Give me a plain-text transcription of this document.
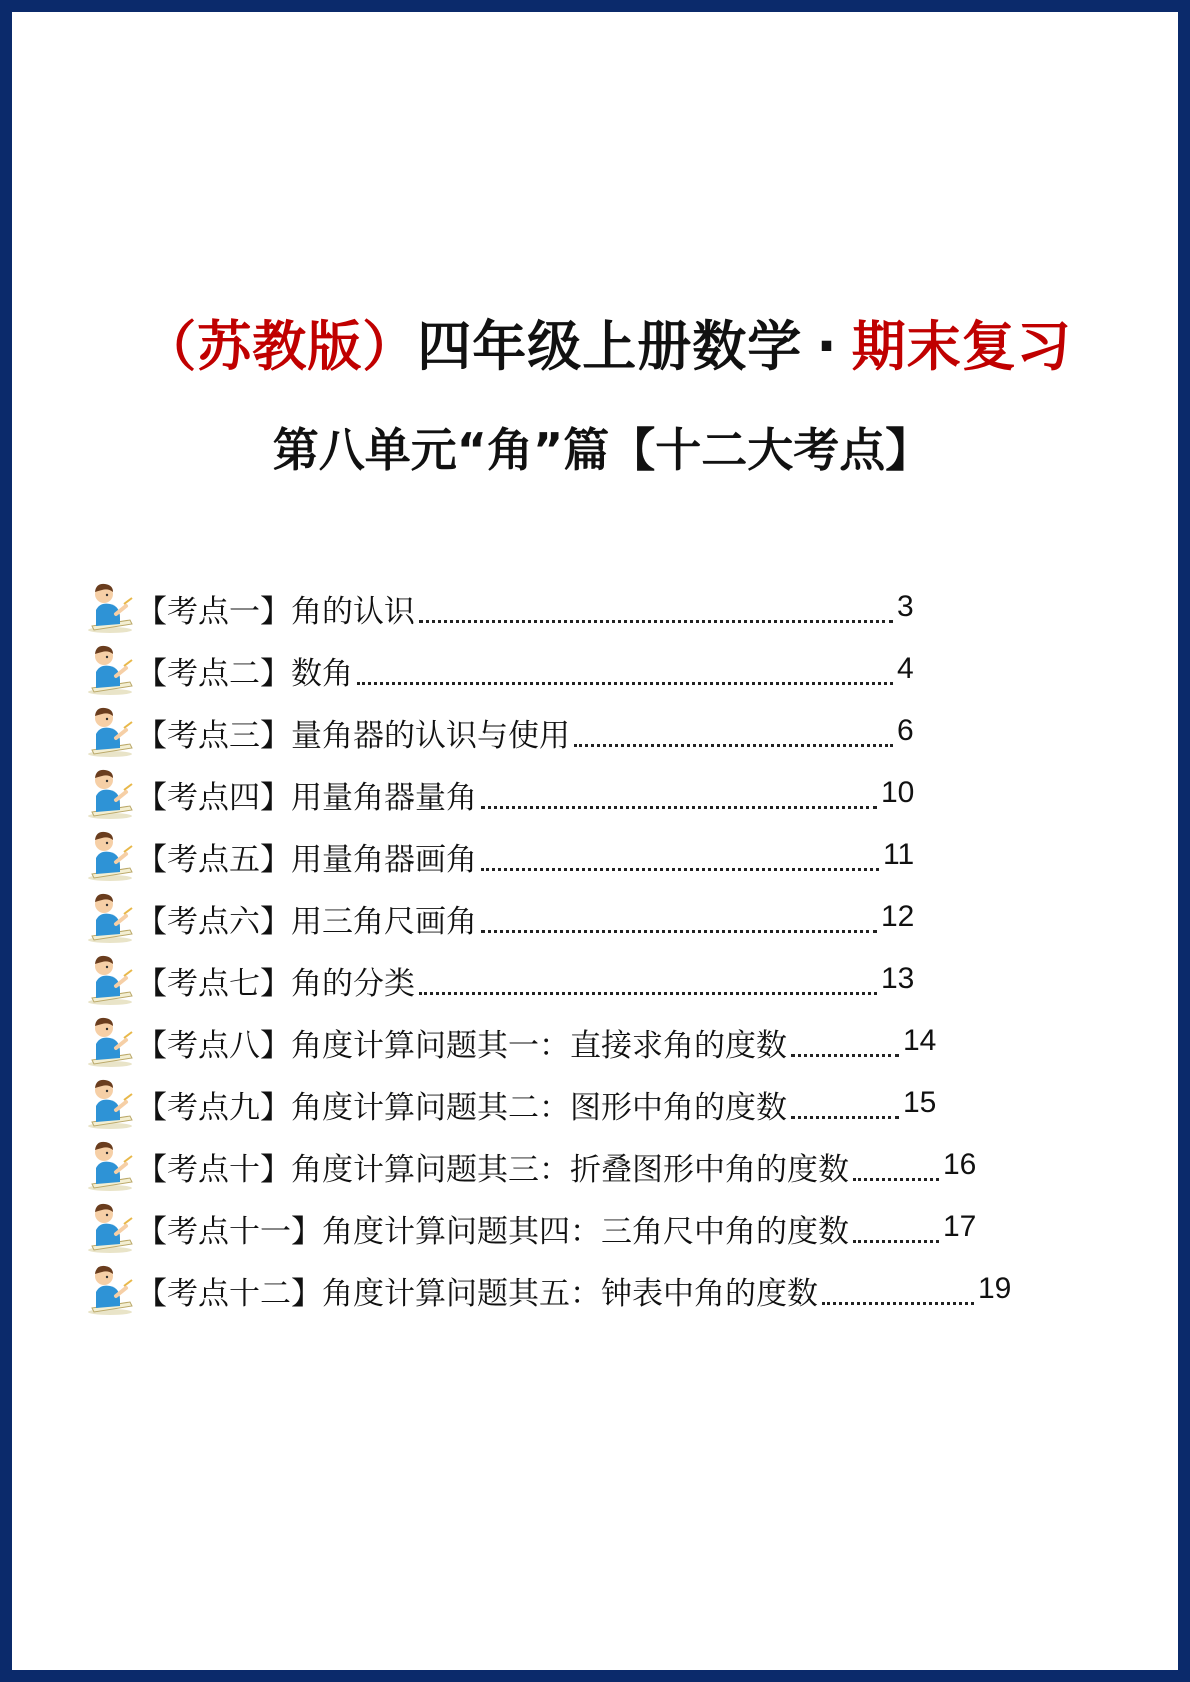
（苏教版）四年级上册数学 · 期末复习
第八单元“角”篇【十二大考点】
【考点一】角的认识	3
【考点二】数角	4
【考点三】量角器的认识与使用	6
【考点四】用量角器量角	10
【考点五】用量角器画角	11
【考点六】用三角尺画角	12
【考点七】角的分类	13
【考点八】角度计算问题其一：直接求角的度数	14
【考点九】角度计算问题其二：图形中角的度数	15
【考点十】角度计算问题其三：折叠图形中角的度数	16
【考点十一】角度计算问题其四：三角尺中角的度数	17
【考点十二】角度计算问题其五：钟表中角的度数	19
